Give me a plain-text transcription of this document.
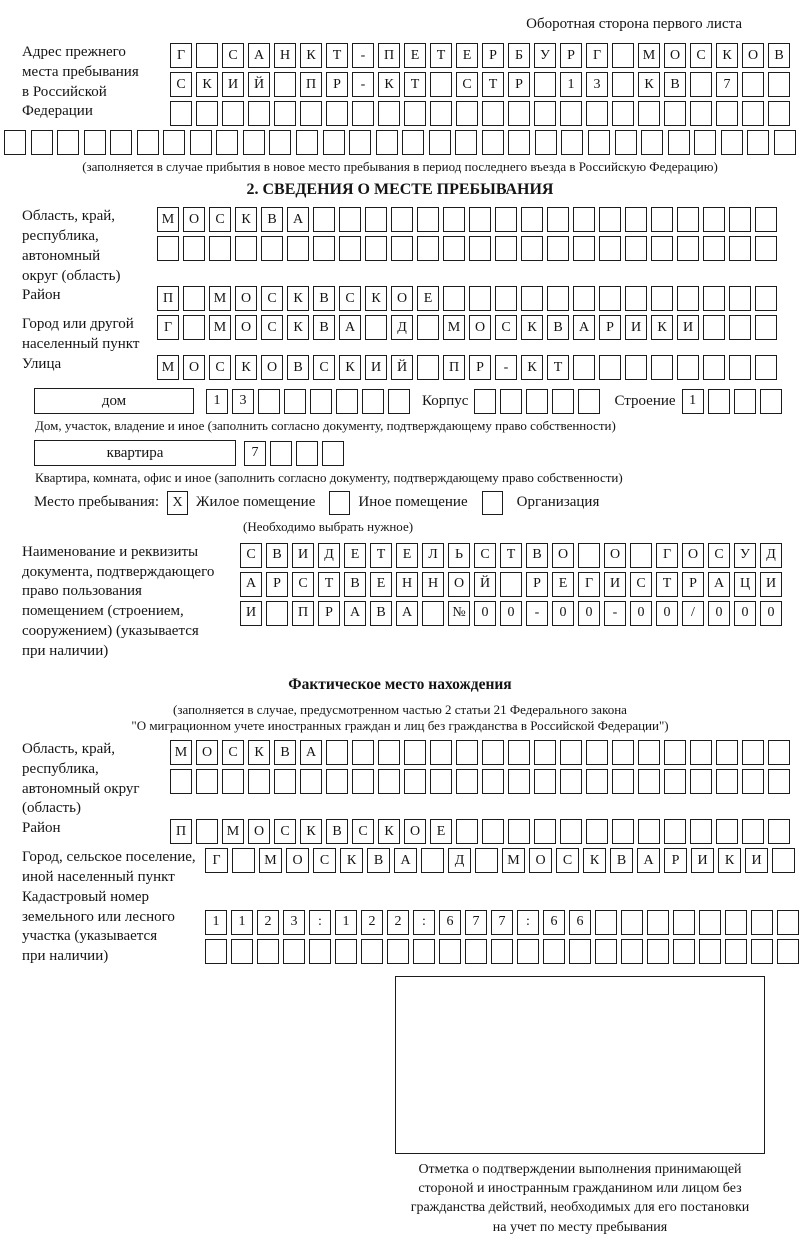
Оборотная сторона первого листа
Адрес прежнего
места пребывания
в Российской
Федерации
Г	С	А	Н	К	Т	-	П	Е	Т	Е	Р	Б	У	Р	Г	М	О	С	К	О	В
С	К	И	Й	П	Р	-	К	Т	С	Т	Р	1	3	К	В	7
(заполняется в случае прибытия в новое место пребывания в период последнего въезда в Российскую Федерацию)
2. СВЕДЕНИЯ О МЕСТЕ ПРЕБЫВАНИЯ
Область, край,
республика,
автономный
округ (область)
М	О	С	К	В	А
Район	П	М	О	С	К	В	С	К	О	Е
Город или другой
населенный пункт
Г	М	О	С	К	В	А	Д	М	О	С	К	В	А	Р	И	К	И
Улица	М	О	С	К	О	В	С	К	И	Й	П	Р	-	К	Т
дом	1	3	Корпус	Строение 1
Дом, участок, владение и иное (заполнить согласно документу, подтверждающему право собственности)
квартира	7
Квартира, комната, офис и иное (заполнить согласно документу, подтверждающему право собственности)
Место пребывания: X Жилое помещение	Иное помещение	Организация
(Необходимо выбрать нужное)
Наименование и реквизиты
документа, подтверждающего
право пользования
помещением (строением,
сооружением) (указывается
при наличии)
С	В	И	Д	Е	Т	Е	Л	Ь	С	Т	В	О	О	Г	О	С	У	Д
А	Р	С	Т	В	Е	Н	Н	О	Й	Р	Е	Г	И	С	Т	Р	А	Ц	И
И	П	Р	А	В	А	№	0	0	-	0	0	-	0	0	/	0	0	0
Фактическое место нахождения
(заполняется в случае, предусмотренном частью 2 статьи 21 Федерального закона
"О миграционном учете иностранных граждан и лиц без гражданства в Российской Федерации")
Область, край,
республика,
автономный округ
(область)
М	О	С	К	В	А
Район	П	М	О	С	К	В	С	К	О	Е
Город, сельское поселение,
иной населенный пункт
Г	М	О	С	К	В	А	Д	М	О	С	К	В	А	Р	И	К	И
Кадастровый номер
земельного или лесного
участка (указывается
при наличии)
1	1	2	3	:	1	2	2	:	6	7	7	:	6	6
Отметка о подтверждении выполнения принимающей
стороной и иностранным гражданином или лицом без
гражданства действий, необходимых для его постановки
на учет по месту пребывания
